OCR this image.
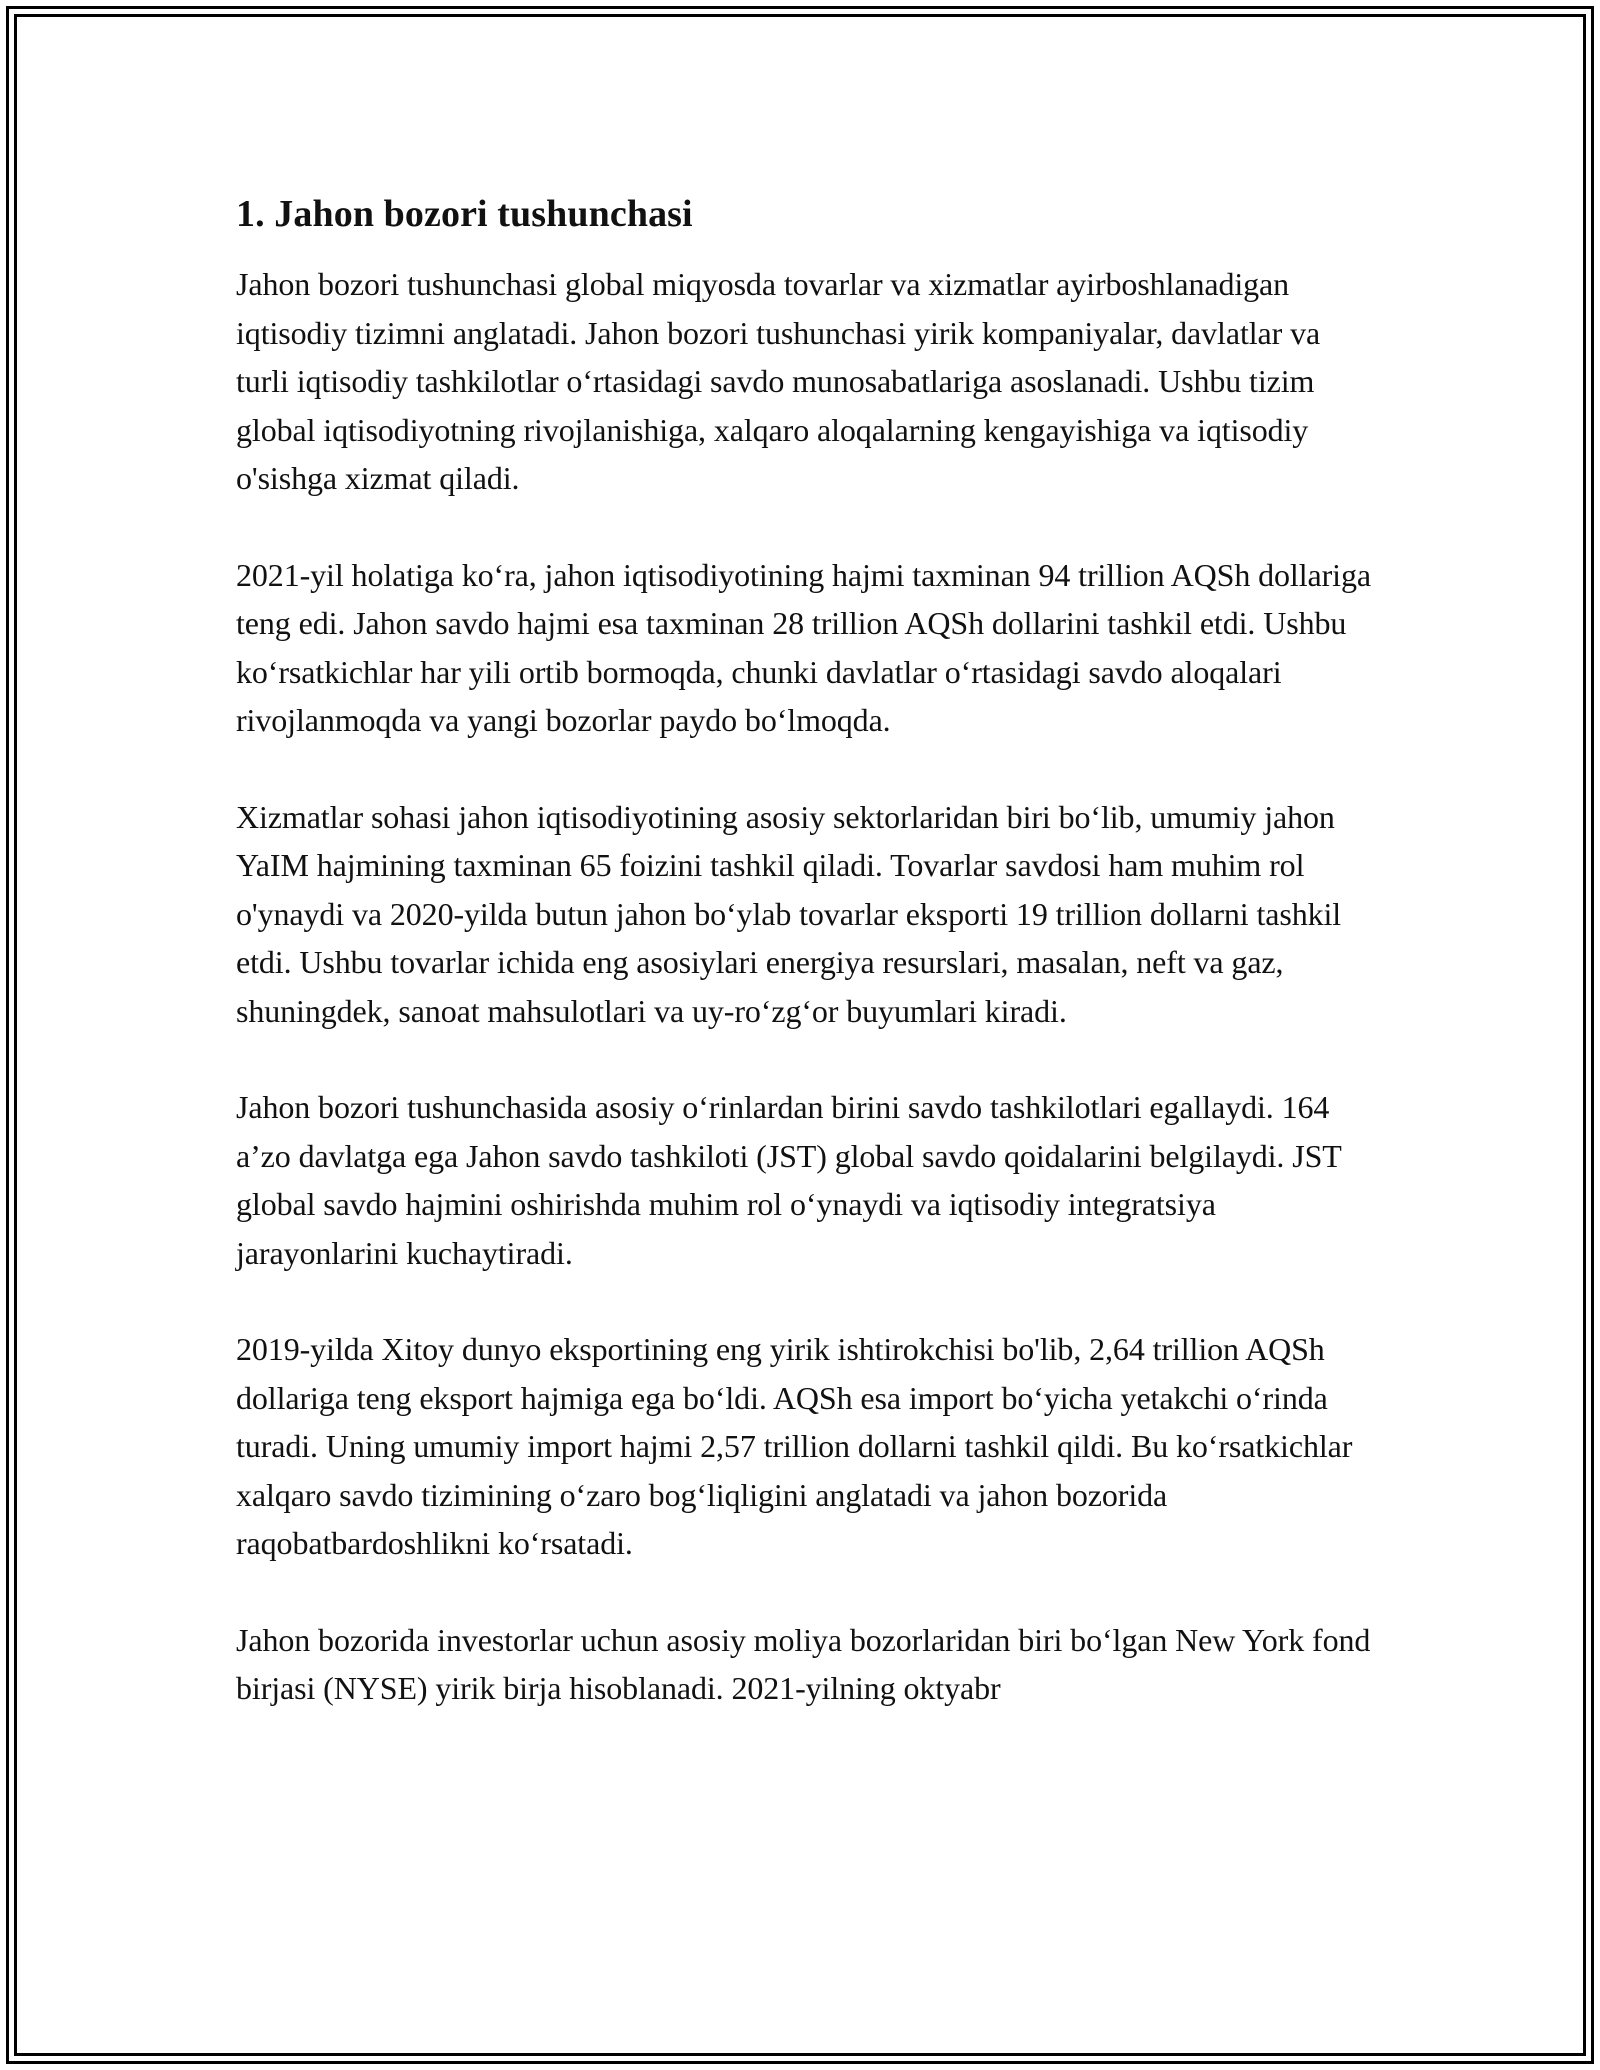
1. Jahon bozori tushunchasi

Jahon bozori tushunchasi global miqyosda tovarlar va xizmatlar ayirboshlanadigan iqtisodiy tizimni anglatadi. Jahon bozori tushunchasi yirik kompaniyalar, davlatlar va turli iqtisodiy tashkilotlar oʻrtasidagi savdo munosabatlariga asoslanadi. Ushbu tizim global iqtisodiyotning rivojlanishiga, xalqaro aloqalarning kengayishiga va iqtisodiy o'sishga xizmat qiladi.

2021-yil holatiga koʻra, jahon iqtisodiyotining hajmi taxminan 94 trillion AQSh dollariga teng edi. Jahon savdo hajmi esa taxminan 28 trillion AQSh dollarini tashkil etdi. Ushbu koʻrsatkichlar har yili ortib bormoqda, chunki davlatlar oʻrtasidagi savdo aloqalari rivojlanmoqda va yangi bozorlar paydo boʻlmoqda.

Xizmatlar sohasi jahon iqtisodiyotining asosiy sektorlaridan biri boʻlib, umumiy jahon YaIM hajmining taxminan 65 foizini tashkil qiladi. Tovarlar savdosi ham muhim rol o'ynaydi va 2020-yilda butun jahon boʻylab tovarlar eksporti 19 trillion dollarni tashkil etdi. Ushbu tovarlar ichida eng asosiylari energiya resurslari, masalan, neft va gaz, shuningdek, sanoat mahsulotlari va uy-roʻzgʻor buyumlari kiradi.

Jahon bozori tushunchasida asosiy oʻrinlardan birini savdo tashkilotlari egallaydi. 164 aʼzo davlatga ega Jahon savdo tashkiloti (JST) global savdo qoidalarini belgilaydi. JST global savdo hajmini oshirishda muhim rol oʻynaydi va iqtisodiy integratsiya jarayonlarini kuchaytiradi.

2019-yilda Xitoy dunyo eksportining eng yirik ishtirokchisi bo'lib, 2,64 trillion AQSh dollariga teng eksport hajmiga ega boʻldi. AQSh esa import boʻyicha yetakchi oʻrinda turadi. Uning umumiy import hajmi 2,57 trillion dollarni tashkil qildi. Bu koʻrsatkichlar xalqaro savdo tizimining oʻzaro bogʻliqligini anglatadi va jahon bozorida raqobatbardoshlikni koʻrsatadi.

Jahon bozorida investorlar uchun asosiy moliya bozorlaridan biri boʻlgan New York fond birjasi (NYSE) yirik birja hisoblanadi. 2021-yilning oktyabr
